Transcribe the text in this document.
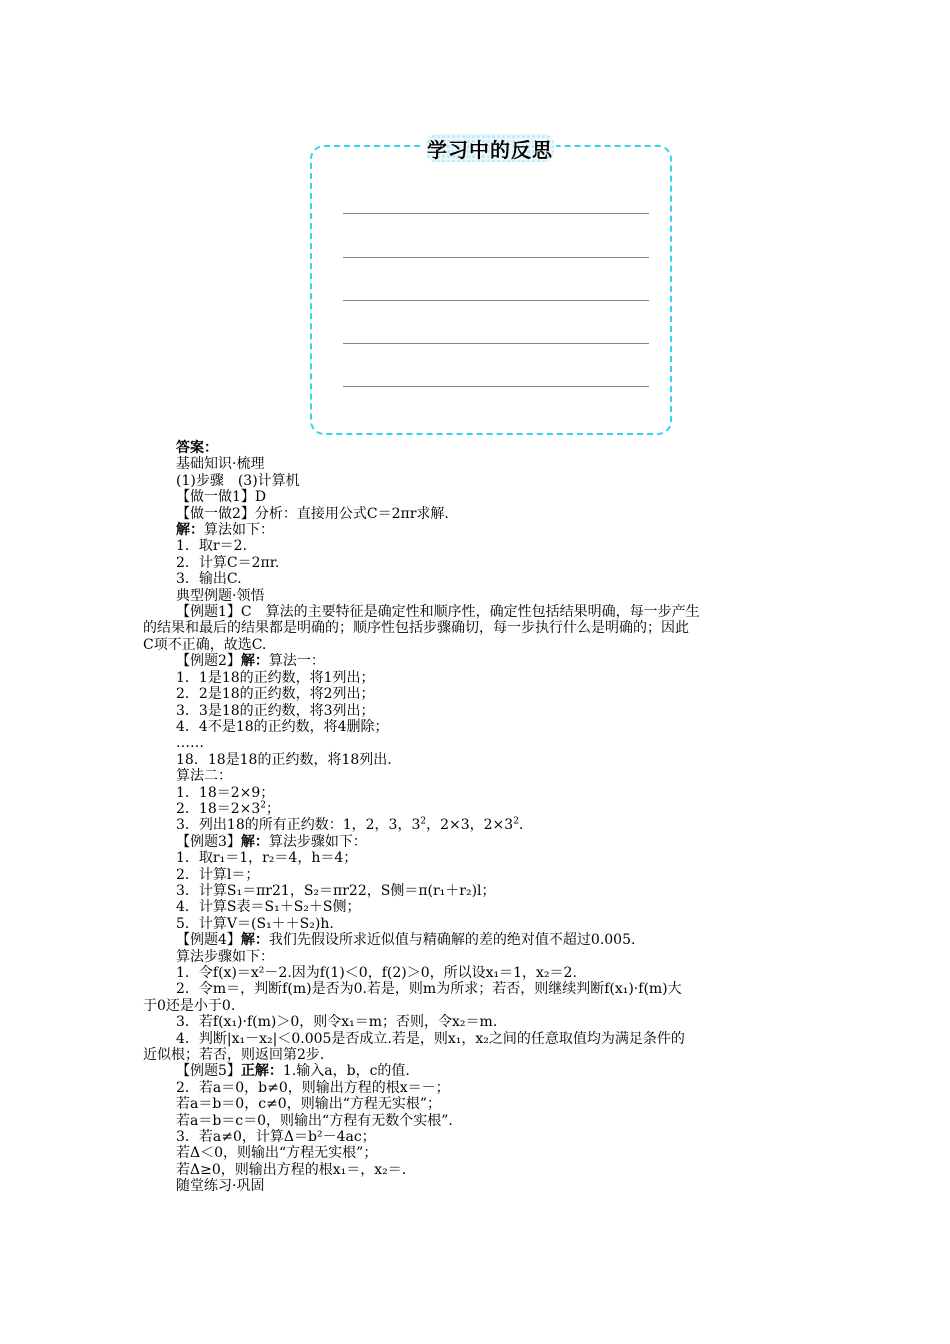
学习中的反思
答案：
基础知识·梳理
(1)步骤　(3)计算机
【做一做1】D
【做一做2】分析：直接用公式C＝2πr求解.
解：算法如下：
1．取r＝2.
2．计算C＝2πr.
3．输出C.
典型例题·领悟
【例题1】C　算法的主要特征是确定性和顺序性，确定性包括结果明确，每一步产生
的结果和最后的结果都是明确的；顺序性包括步骤确切，每一步执行什么是明确的；因此
C项不正确，故选C.
【例题2】解：算法一：
1．1是18的正约数，将1列出；
2．2是18的正约数，将2列出；
3．3是18的正约数，将3列出；
4．4不是18的正约数，将4删除；
……
18．18是18的正约数，将18列出.
算法二：
1．18＝2×9；
2．$18=2\times 3^2$；
3．列出18的所有正约数：1，2，3，$3^2$，2×3，$2\times 3^2$.
【例题3】解：算法步骤如下：
1．取r₁＝1，r₂＝4，h＝4；
2．计算l＝；
3．计算S₁＝πr21，S₂＝πr22，S侧＝π(r₁＋r₂)l；
4．计算S表＝S₁＋S₂＋S侧；
5．计算V＝(S₁＋＋S₂)h.
【例题4】解：我们先假设所求近似值与精确解的差的绝对值不超过0.005.
算法步骤如下：
1．令f(x)＝x²－2.因为f(1)＜0，f(2)＞0，所以设x₁＝1，x₂＝2.
2．令m＝，判断f(m)是否为0.若是，则m为所求；若否，则继续判断f(x₁)·f(m)大
于0还是小于0.
3．若f(x₁)·f(m)＞0，则令x₁＝m；否则，令x₂＝m.
4．判断|x₁－x₂|＜0.005是否成立.若是，则x₁，x₂之间的任意取值均为满足条件的
近似根；若否，则返回第2步.
【例题5】正解：1.输入a，b，c的值.
2．若a＝0，b≠0，则输出方程的根x＝－；
若a＝b＝0，c≠0，则输出“方程无实根”；
若a＝b＝c＝0，则输出“方程有无数个实根”.
3．若a≠0，计算Δ＝b²－4ac；
若Δ＜0，则输出“方程无实根”；
若Δ≥0，则输出方程的根x₁＝，x₂＝.
随堂练习·巩固
